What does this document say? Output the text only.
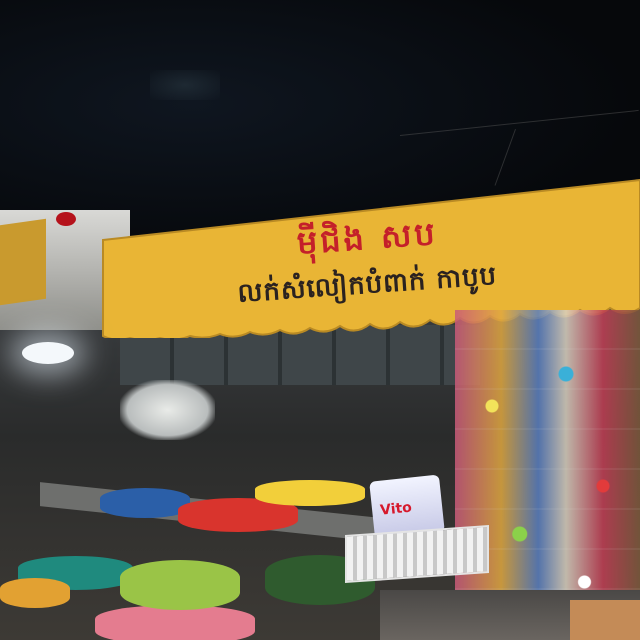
ម៉ីជិង សប
លក់សំលៀកបំពាក់ កាបូប
Vito
